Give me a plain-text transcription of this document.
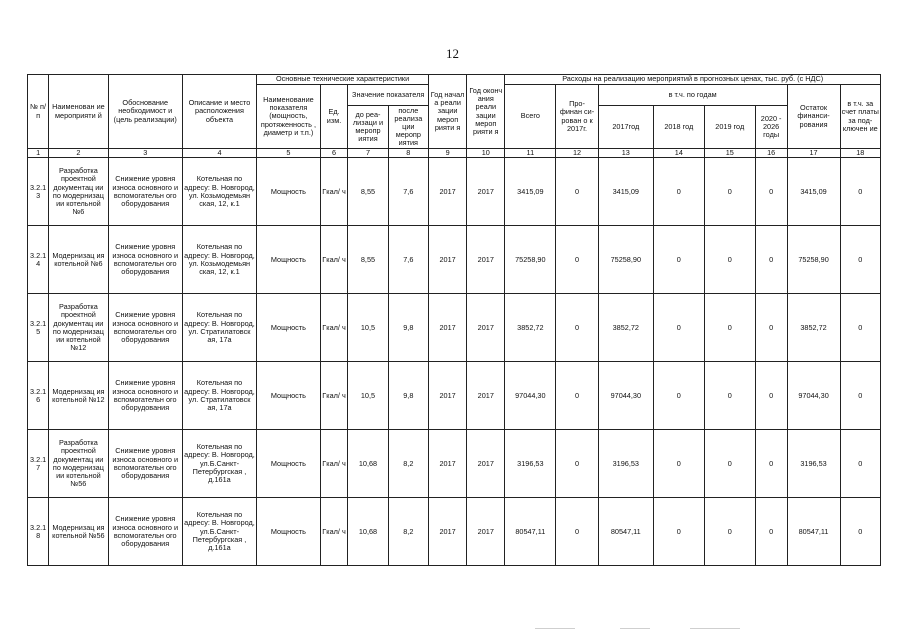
12
№ п/п	Наименован ие мероприяти й	Обоснование необходимост и (цель реализации)	Описание и место расположения объекта	Основные технические характеристики				Год начал а реали зации мероп рияти я	Год оконч ания реали зации мероп рияти я	Расходы на реализацию мероприятий в прогнозных ценах, тыс. руб. (с НДС)							
				Наименование показателя (мощность, протяженность , диаметр и т.п.)	Ед. изм.	Значение показателя				Всего	Про- финан си- рован о к 2017г.	в т.ч. по годам				Остаток финанси- рования	в т.ч. за счет платы за под- ключен ие
						до реа- лизаци и меропр иятия	после реализа ции меропр иятия					2017год	2018 год	2019 год	2020 - 2026 годы		
1	2	3	4	5	6	7	8	9	10	11	12	13	14	15	16	17	18
3.2.1 3	Разработка проектной документац ии по модернизац ии котельной №6	Снижение уровня износа основного и вспомогательн ого оборудования	Котельная по адресу: В. Новгород, ул. Козьмодемьян ская, 12, к.1	Мощность	Гкал/ ч	8,55	7,6	2017	2017	3415,09	0	3415,09	0	0	0	3415,09	0
3.2.1 4	Модернизац ия котельной №6	Снижение уровня износа основного и вспомогательн ого оборудования	Котельная по адресу: В. Новгород, ул. Козьмодемьян ская, 12, к.1	Мощность	Гкал/ ч	8,55	7,6	2017	2017	75258,90	0	75258,90	0	0	0	75258,90	0
3.2.1 5	Разработка проектной документац ии по модернизац ии котельной №12	Снижение уровня износа основного и вспомогательн ого оборудования	Котельная по адресу: В. Новгород, ул. Стратилатовск ая, 17а	Мощность	Гкал/ ч	10,5	9,8	2017	2017	3852,72	0	3852,72	0	0	0	3852,72	0
3.2.1 6	Модернизац ия котельной №12	Снижение уровня износа основного и вспомогательн ого оборудования	Котельная по адресу: В. Новгород, ул. Стратилатовск ая, 17а	Мощность	Гкал/ ч	10,5	9,8	2017	2017	97044,30	0	97044,30	0	0	0	97044,30	0
3.2.1 7	Разработка проектной документац ии по модернизац ии котельной №56	Снижение уровня износа основного и вспомогательн ого оборудования	Котельная по адресу: В. Новгород, ул.Б.Санкт- Петербургская , д.161а	Мощность	Гкал/ ч	10,68	8,2	2017	2017	3196,53	0	3196,53	0	0	0	3196,53	0
3.2.1 8	Модернизац ия котельной №56	Снижение уровня износа основного и вспомогательн ого оборудования	Котельная по адресу: В. Новгород, ул.Б.Санкт- Петербургская , д.161а	Мощность	Гкал/ ч	10,68	8,2	2017	2017	80547,11	0	80547,11	0	0	0	80547,11	0
